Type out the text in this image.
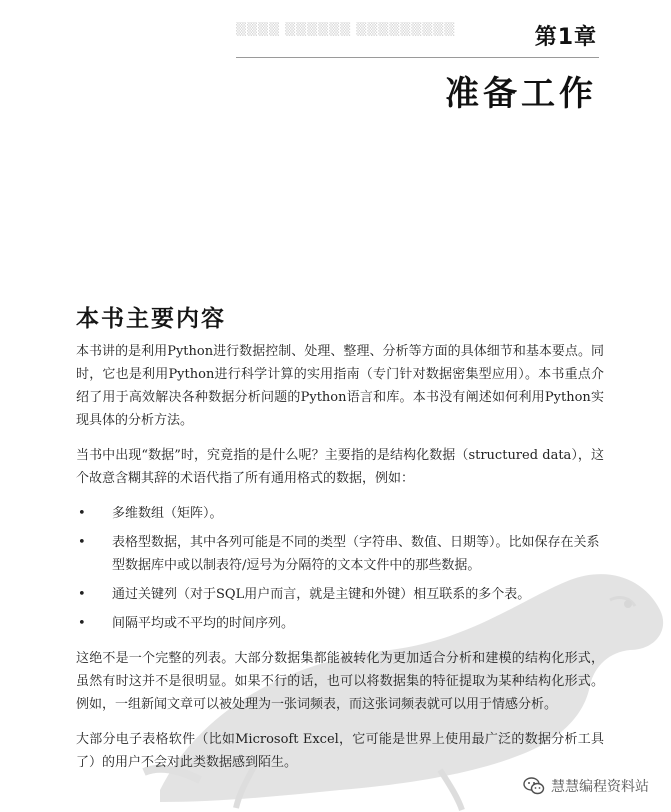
▒▒▒▒ ▒▒▒▒▒▒ ▒▒▒▒▒▒▒▒▒	第1章
准备工作
本书主要内容

本书讲的是利用Python进行数据控制、处理、整理、分析等方面的具体细节和基本要点。同时，它也是利用Python进行科学计算的实用指南（专门针对数据密集型应用）。本书重点介绍了用于高效解决各种数据分析问题的Python语言和库。本书没有阐述如何利用Python实现具体的分析方法。

当书中出现“数据”时，究竟指的是什么呢？主要指的是结构化数据（structured data），这个故意含糊其辞的术语代指了所有通用格式的数据，例如：

• 多维数组（矩阵）。
• 表格型数据，其中各列可能是不同的类型（字符串、数值、日期等）。比如保存在关系型数据库中或以制表符/逗号为分隔符的文本文件中的那些数据。
• 通过关键列（对于SQL用户而言，就是主键和外键）相互联系的多个表。
• 间隔平均或不平均的时间序列。

这绝不是一个完整的列表。大部分数据集都能被转化为更加适合分析和建模的结构化形式，虽然有时这并不是很明显。如果不行的话，也可以将数据集的特征提取为某种结构化形式。例如，一组新闻文章可以被处理为一张词频表，而这张词频表就可以用于情感分析。

大部分电子表格软件（比如Microsoft Excel，它可能是世界上使用最广泛的数据分析工具了）的用户不会对此类数据感到陌生。

慧慧编程资料站
